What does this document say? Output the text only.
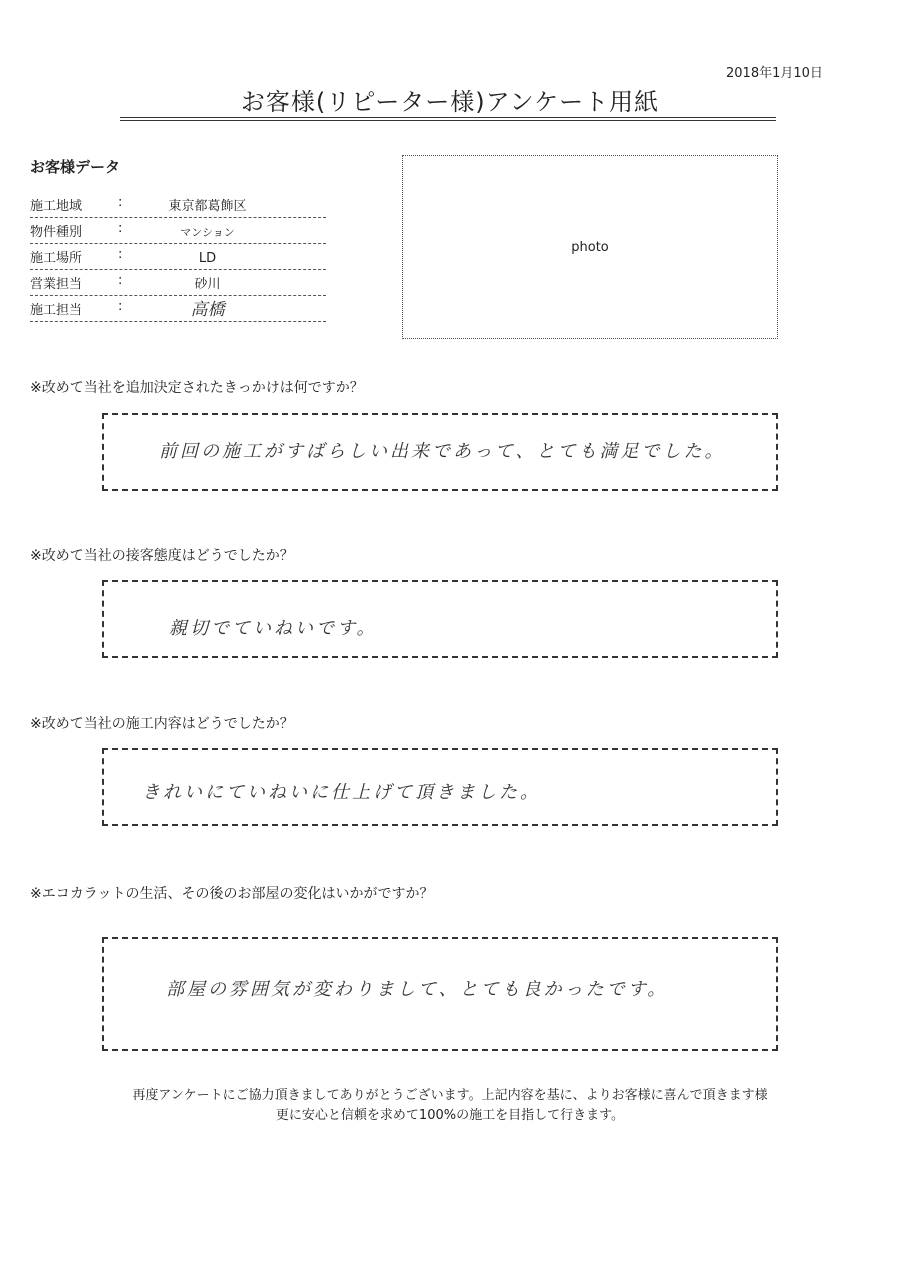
2018年1月10日
お客様(リピーター様)アンケート用紙
お客様データ
施工地域 :	東京都葛飾区
物件種別 :	マンション
施工場所 :	LD
営業担当 :	砂川
施工担当 :	高橋
photo
※改めて当社を追加決定されたきっかけは何ですか？
前回の施工がすばらしい出来であって、とても満足でした。
※改めて当社の接客態度はどうでしたか？
親切でていねいです。
※改めて当社の施工内容はどうでしたか？
きれいにていねいに仕上げて頂きました。
※エコカラットの生活、その後のお部屋の変化はいかがですか？
部屋の雰囲気が変わりまして、とても良かったです。
再度アンケートにご協力頂きましてありがとうございます。上記内容を基に、よりお客様に喜んで頂きます様
更に安心と信頼を求めて100%の施工を目指して行きます。
